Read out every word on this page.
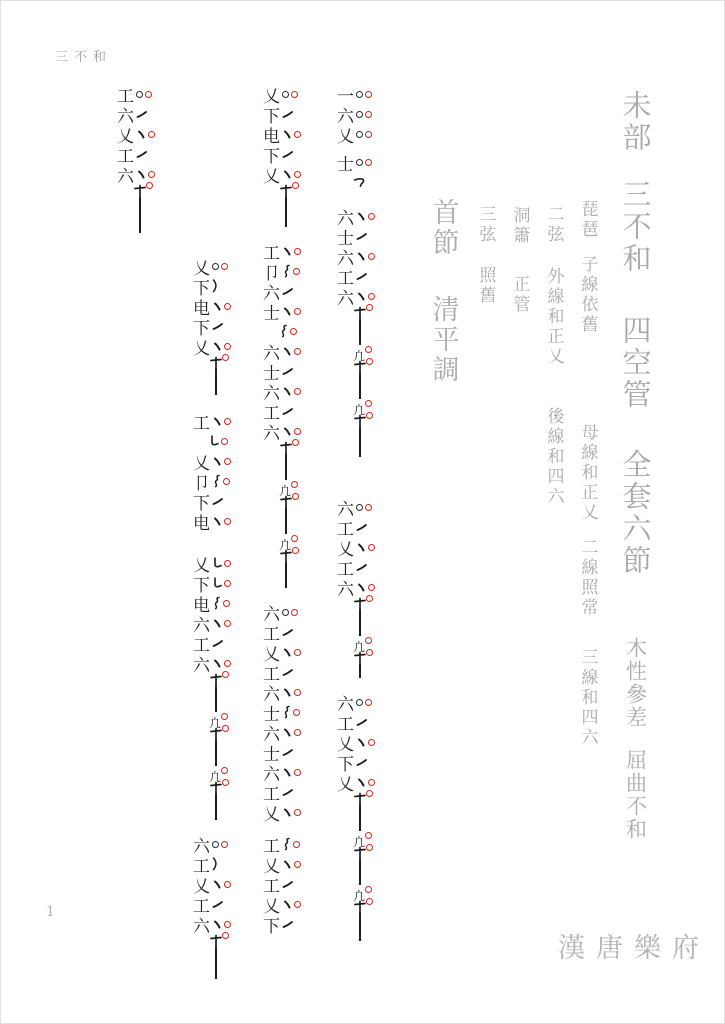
三不和
未部
三不和
四空管
全套六節
木性參差
屈曲不和
琵琶
子線依舊
母線和正乂
二線照常
三線和四六
二弦
外線和正乂
後線和四六
洞簫
正管
三弦
照舊
首節
清平調
一
六
乂
士
六
士
六
工
六
凣
凣
六
工
乂
工
六
凣
六
工
乂
下
乂
凣
凣
乂
下
电
下
乂
工
卩
六
士
六
士
六
工
六
凣
凣
六
工
乂
工
六
士
六
士
六
工
乂
工
乂
工
乂
下
乂
下
电
下
乂
工
乂
卩
下
电
乂
下
电
六
工
六
凣
凣
六
工
乂
工
六
工
六
乂
工
六
1
漢唐樂府
